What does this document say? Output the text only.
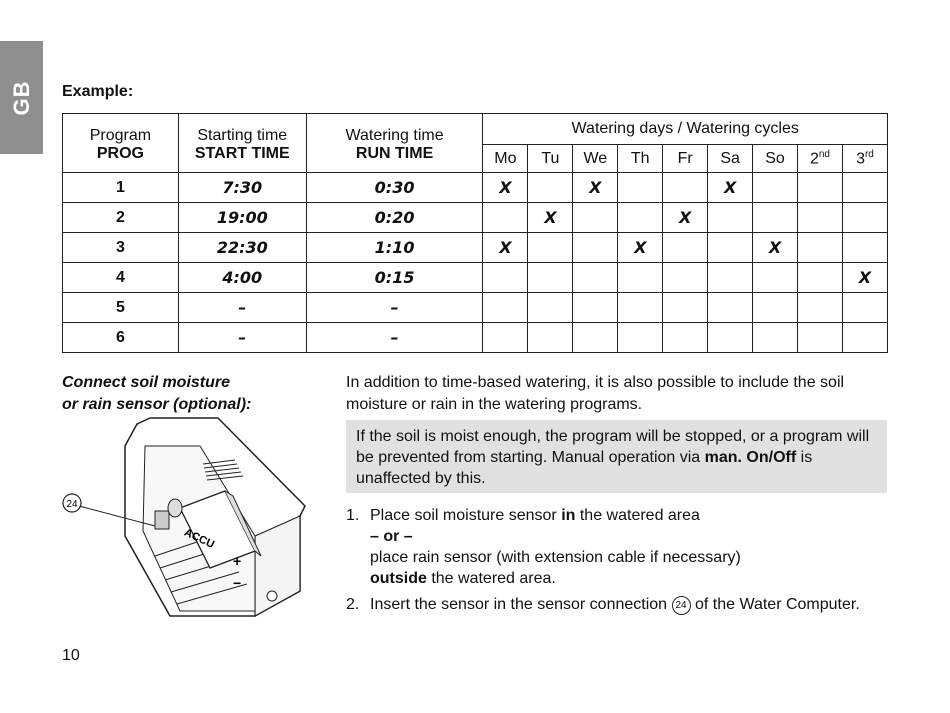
GB Example:
Program	Starting time	Watering time	Watering days / Watering cycles								
PROG	START TIME	RUN TIME	Mo	Tu	We	Th	Fr	Sa	So	2nd	3rd
1	7:30	0:30	X		X			X			
2	19:00	0:20		X			X				
3	22:30	1:10	X			X			X		
4	4:00	0:15									X
5	–	–									
6	–	–									
Connect soil moisture
or rain sensor (optional):
ACCU
+
−
24
In addition to time-based watering, it is also possible to include the soil moisture or rain in the watering programs.

If the soil is moist enough, the program will be stopped, or a program will be prevented from starting. Manual operation via man. On/Off is unaffected by this.

1. Place soil moisture sensor in the watered area
– or –
place rain sensor (with extension cable if necessary)
outside the watered area.
2. Insert the sensor in the sensor connection 24 of the Water Computer.
10
